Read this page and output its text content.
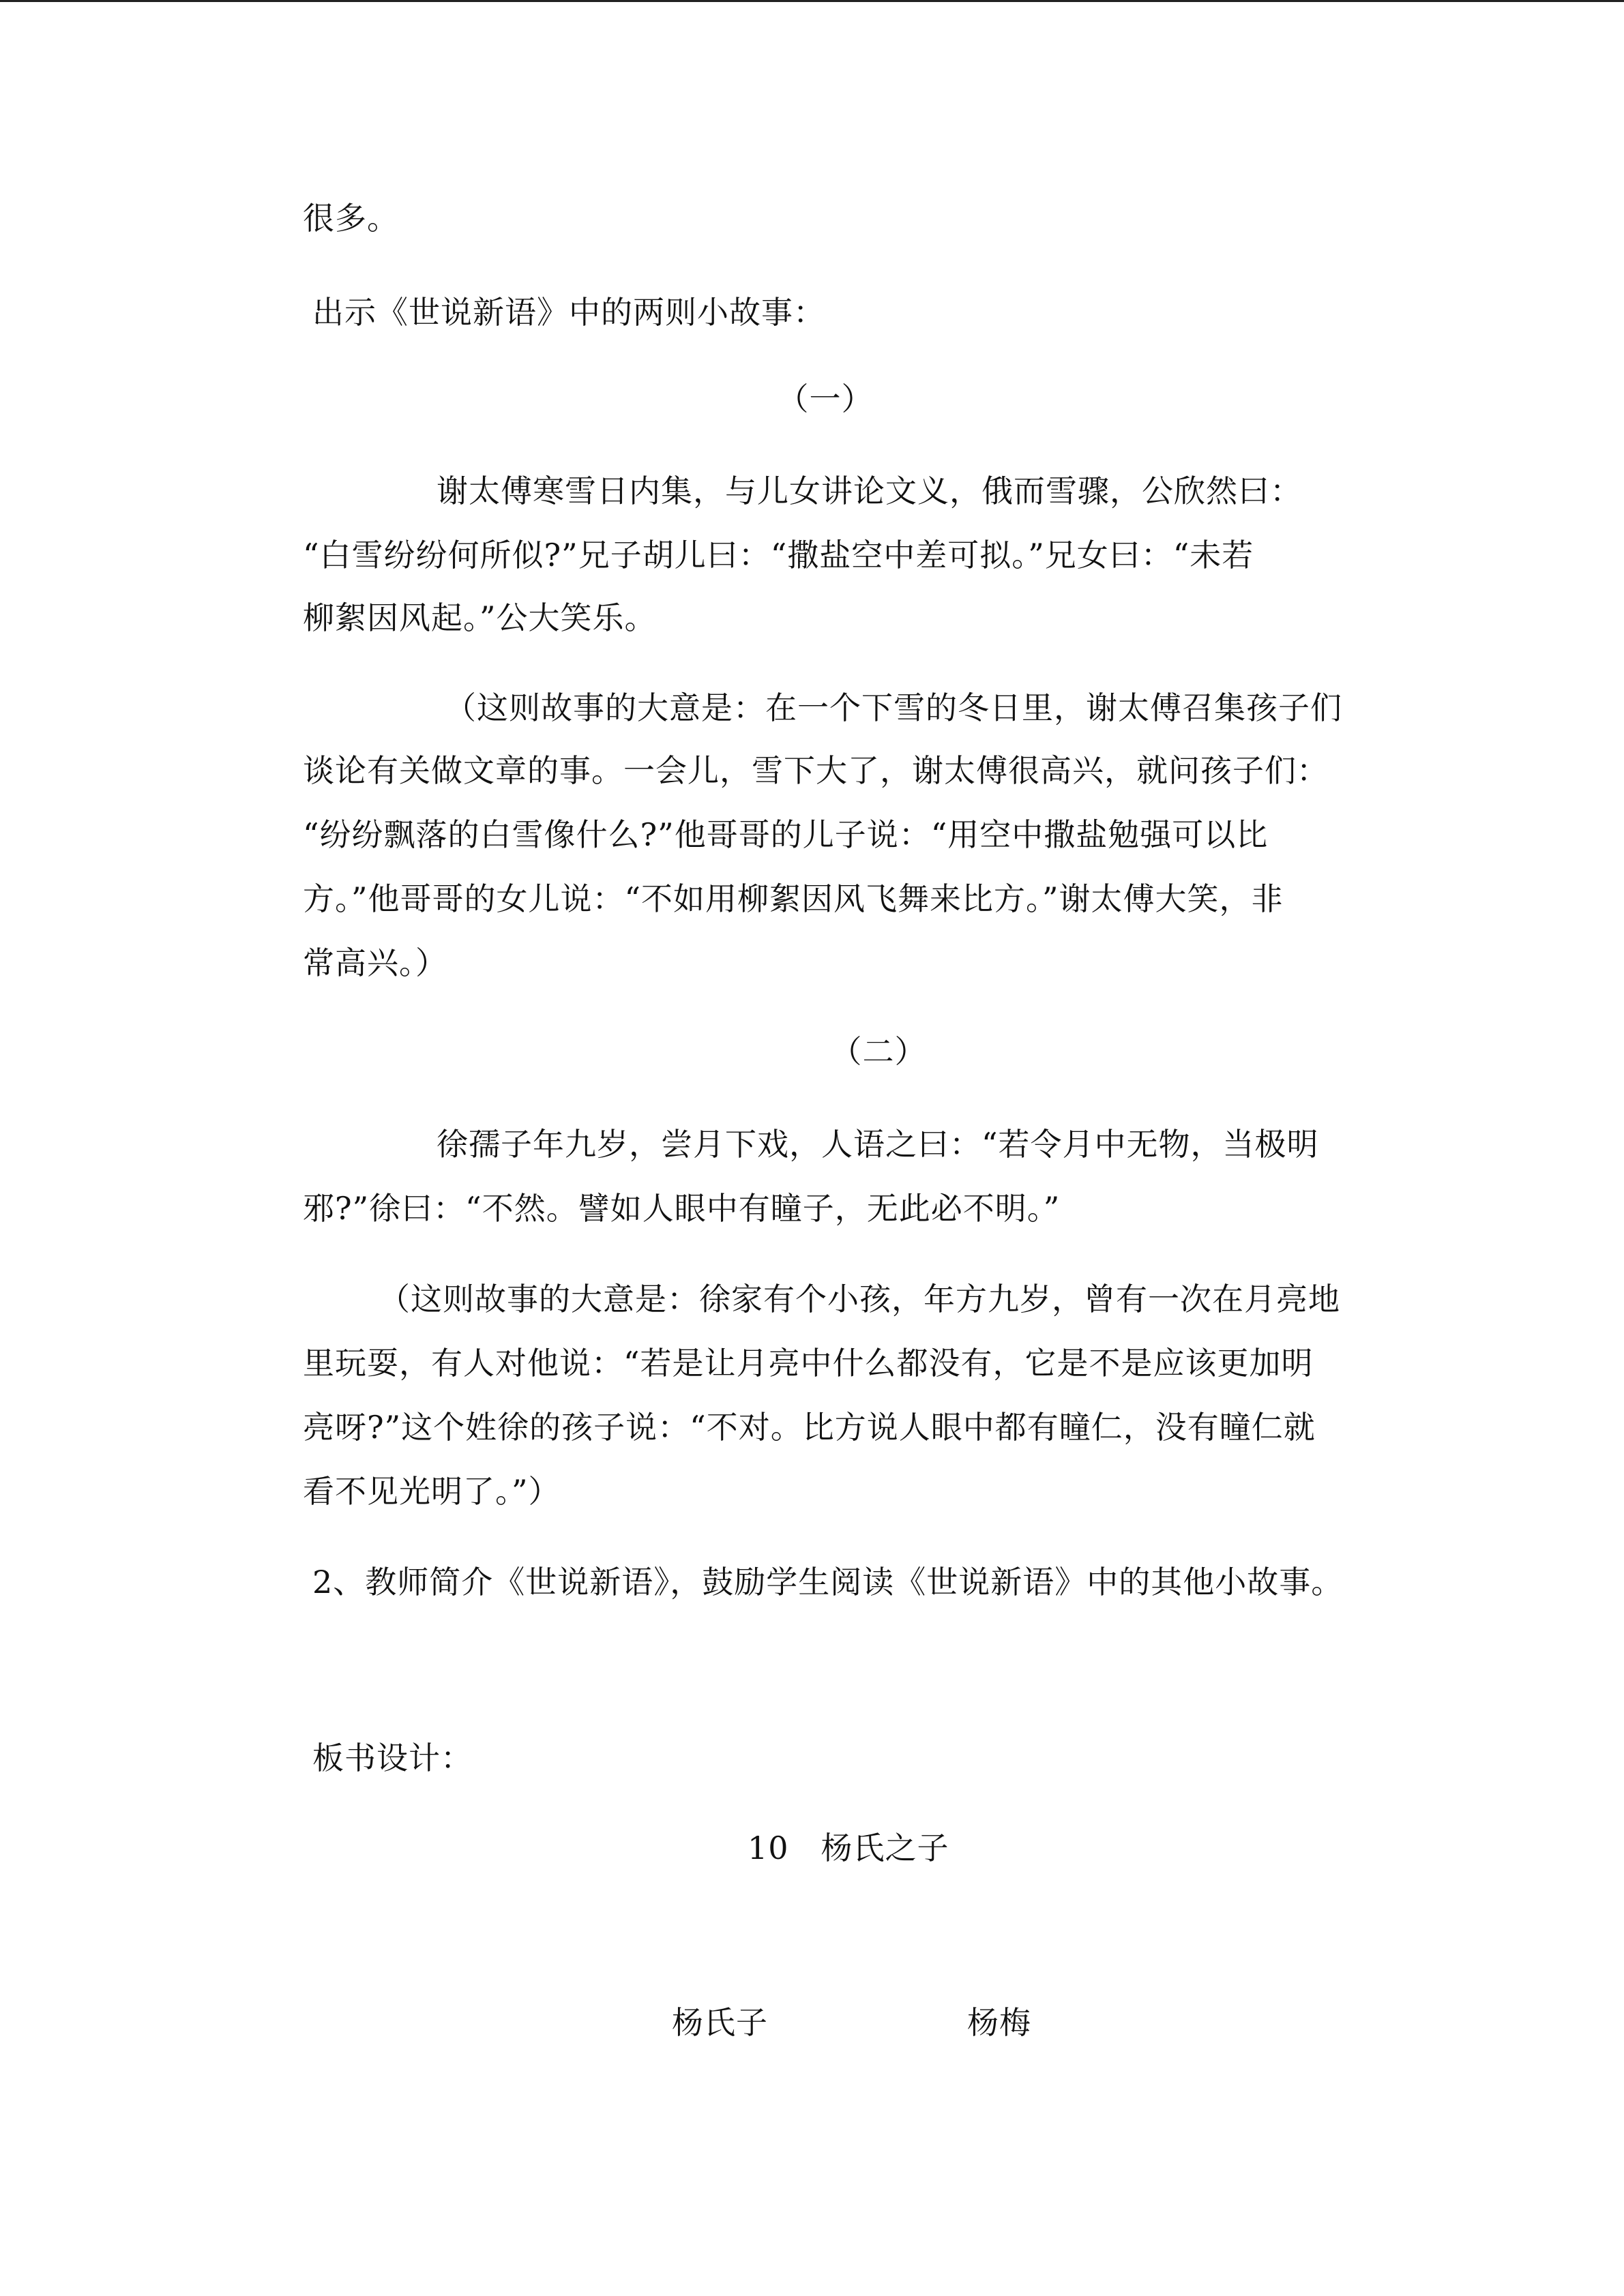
很多。
出示《世说新语》中的两则小故事：
（一）
谢太傅寒雪日内集，与儿女讲论文义，俄而雪骤，公欣然曰：
“白雪纷纷何所似?”兄子胡儿曰：“撒盐空中差可拟。”兄女曰：“未若
柳絮因风起。”公大笑乐。
（这则故事的大意是：在一个下雪的冬日里，谢太傅召集孩子们
谈论有关做文章的事。一会儿，雪下大了，谢太傅很高兴，就问孩子们：
“纷纷飘落的白雪像什么?”他哥哥的儿子说：“用空中撒盐勉强可以比
方。”他哥哥的女儿说：“不如用柳絮因风飞舞来比方。”谢太傅大笑，非
常高兴。）
（二）
徐孺子年九岁，尝月下戏，人语之曰：“若令月中无物，当极明
邪?”徐曰：“不然。譬如人眼中有瞳子，无此必不明。”
（这则故事的大意是：徐家有个小孩，年方九岁，曾有一次在月亮地
里玩耍，有人对他说：“若是让月亮中什么都没有，它是不是应该更加明
亮呀?”这个姓徐的孩子说：“不对。比方说人眼中都有瞳仁，没有瞳仁就
看不见光明了。”）
2、教师简介《世说新语》，鼓励学生阅读《世说新语》中的其他小故事。
板书设计：
10　杨氏之子
杨氏子	杨梅
